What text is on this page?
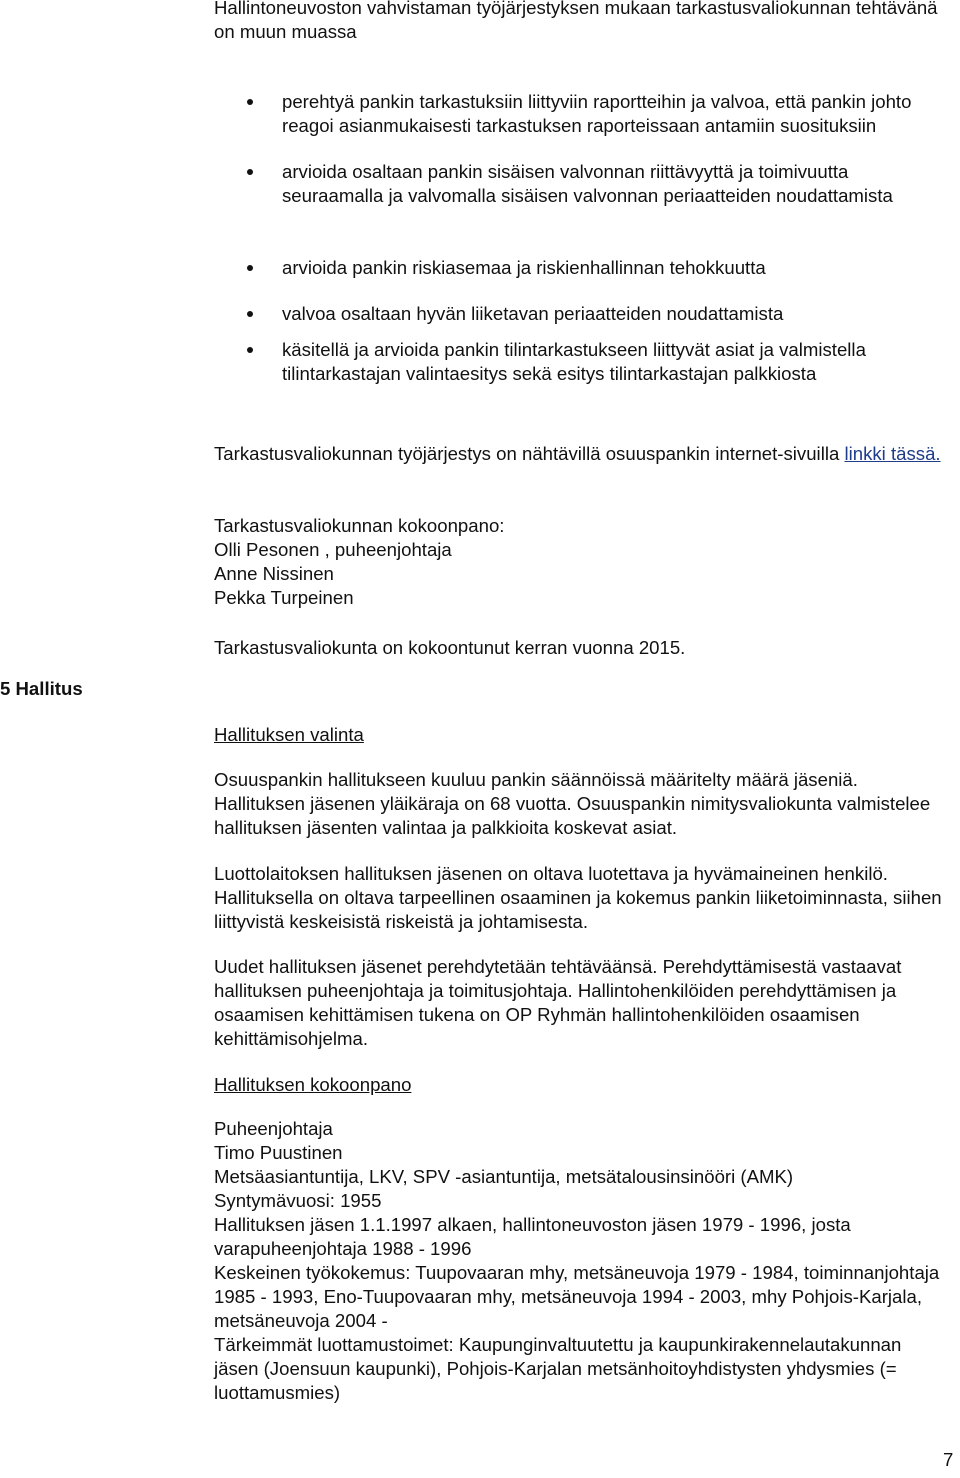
Hallintoneuvoston vahvistaman työjärjestyksen mukaan tarkastusvaliokunnan tehtävänä on muun muassa

perehtyä pankin tarkastuksiin liittyviin raportteihin ja valvoa, että pankin johto reagoi asianmukaisesti tarkastuksen raporteissaan antamiin suosituksiin
arvioida osaltaan pankin sisäisen valvonnan riittävyyttä ja toimivuutta seuraamalla ja valvomalla sisäisen valvonnan periaatteiden noudattamista
arvioida pankin riskiasemaa ja riskienhallinnan tehokkuutta
valvoa osaltaan hyvän liiketavan periaatteiden noudattamista
käsitellä ja arvioida pankin tilintarkastukseen liittyvät asiat ja valmistella tilintarkastajan valintaesitys sekä esitys tilintarkastajan palkkiosta

Tarkastusvaliokunnan työjärjestys on nähtävillä osuuspankin internet-sivuilla linkki tässä.

Tarkastusvaliokunnan kokoonpano:
Olli Pesonen , puheenjohtaja
Anne Nissinen
Pekka Turpeinen

Tarkastusvaliokunta on kokoontunut kerran vuonna 2015.

5 Hallitus

Hallituksen valinta

Osuuspankin hallitukseen kuuluu pankin säännöissä määritelty määrä jäseniä. Hallituksen jäsenen yläikäraja on 68 vuotta. Osuuspankin nimitysvaliokunta valmistelee hallituksen jäsenten valintaa ja palkkioita koskevat asiat.

Luottolaitoksen hallituksen jäsenen on oltava luotettava ja hyvämaineinen henkilö. Hallituksella on oltava tarpeellinen osaaminen ja kokemus pankin liiketoiminnasta, siihen liittyvistä keskeisistä riskeistä ja johtamisesta.

Uudet hallituksen jäsenet perehdytetään tehtäväänsä. Perehdyttämisestä vastaavat hallituksen puheenjohtaja ja toimitusjohtaja. Hallintohenkilöiden perehdyttämisen ja osaamisen kehittämisen tukena on OP Ryhmän hallintohenkilöiden osaamisen kehittämisohjelma.

Hallituksen kokoonpano

Puheenjohtaja
Timo Puustinen
Metsäasiantuntija, LKV, SPV -asiantuntija, metsätalousinsinööri (AMK)
Syntymävuosi: 1955
Hallituksen jäsen 1.1.1997 alkaen, hallintoneuvoston jäsen 1979 - 1996, josta varapuheenjohtaja 1988 - 1996
Keskeinen työkokemus: Tuupovaaran mhy, metsäneuvoja 1979 - 1984, toiminnanjohtaja 1985 - 1993, Eno-Tuupovaaran mhy, metsäneuvoja 1994 - 2003, mhy Pohjois-Karjala, metsäneuvoja 2004 -
Tärkeimmät luottamustoimet: Kaupunginvaltuutettu ja kaupunkirakennelautakunnan jäsen (Joensuun kaupunki), Pohjois-Karjalan metsänhoitoyhdistysten yhdysmies (= luottamusmies)
7
